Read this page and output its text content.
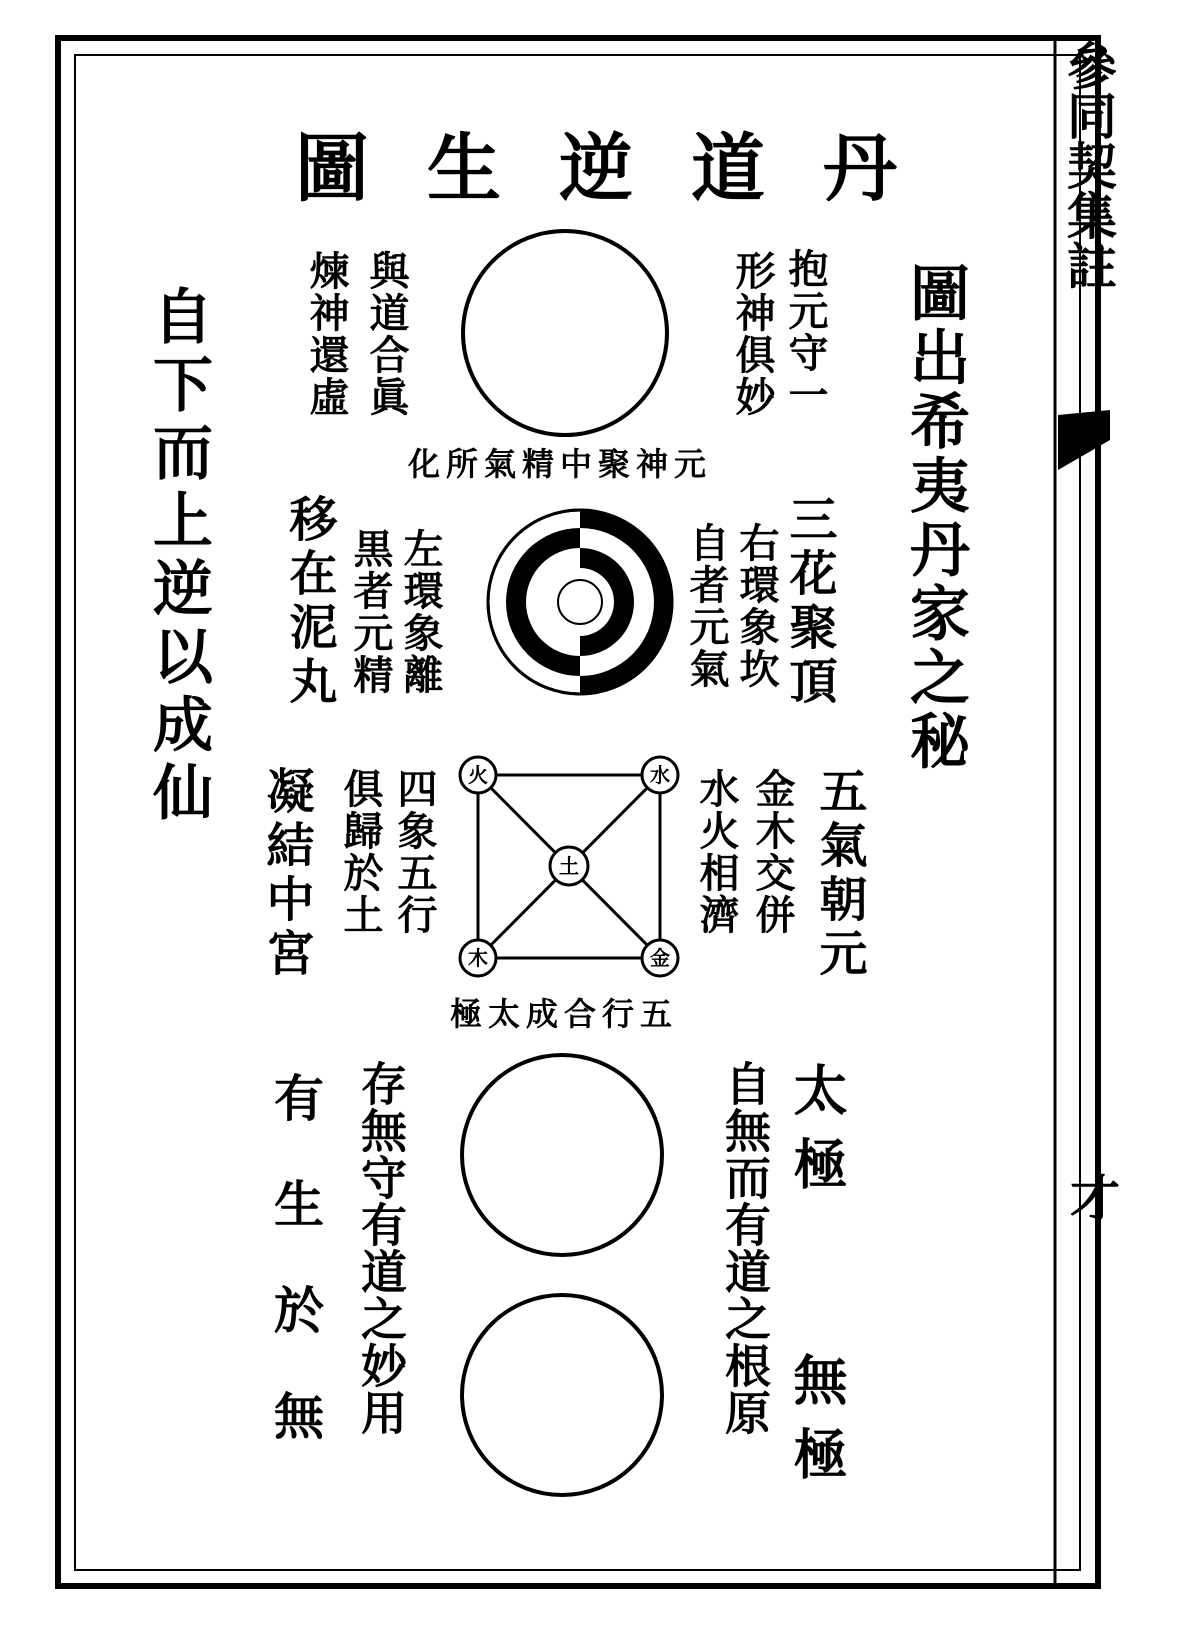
火	水
土
木	金
圖生逆道丹
圖出希夷丹家之秘
自下而上逆以成仙	抱元守一
形神俱妙
與道合眞
煉神還虛
化所氣精中聚神元
三花聚頂
右環象坎
自者元氣
左環象離
黒者元精
移在泥丸
五氣朝元
金木交併
水火相濟
四象五行
俱歸於土
凝結中宮
極太成合行五
太極
無極
自無而有道之根原
存無守有道之妙用
有生於無
參同契集註
才
